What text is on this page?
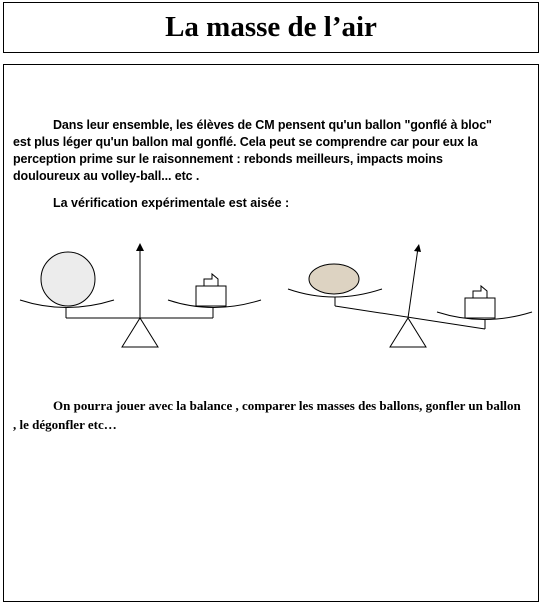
La masse de l’air

Dans leur ensemble, les élèves de CM pensent qu'un ballon "gonflé à bloc" est plus léger qu'un ballon mal gonflé. Cela peut se comprendre car pour eux la perception prime sur le raisonnement : rebonds meilleurs, impacts moins douloureux au volley-ball... etc .

La vérification expérimentale est aisée :

On pourra jouer avec la balance , comparer les masses des ballons, gonfler un ballon , le dégonfler etc…
